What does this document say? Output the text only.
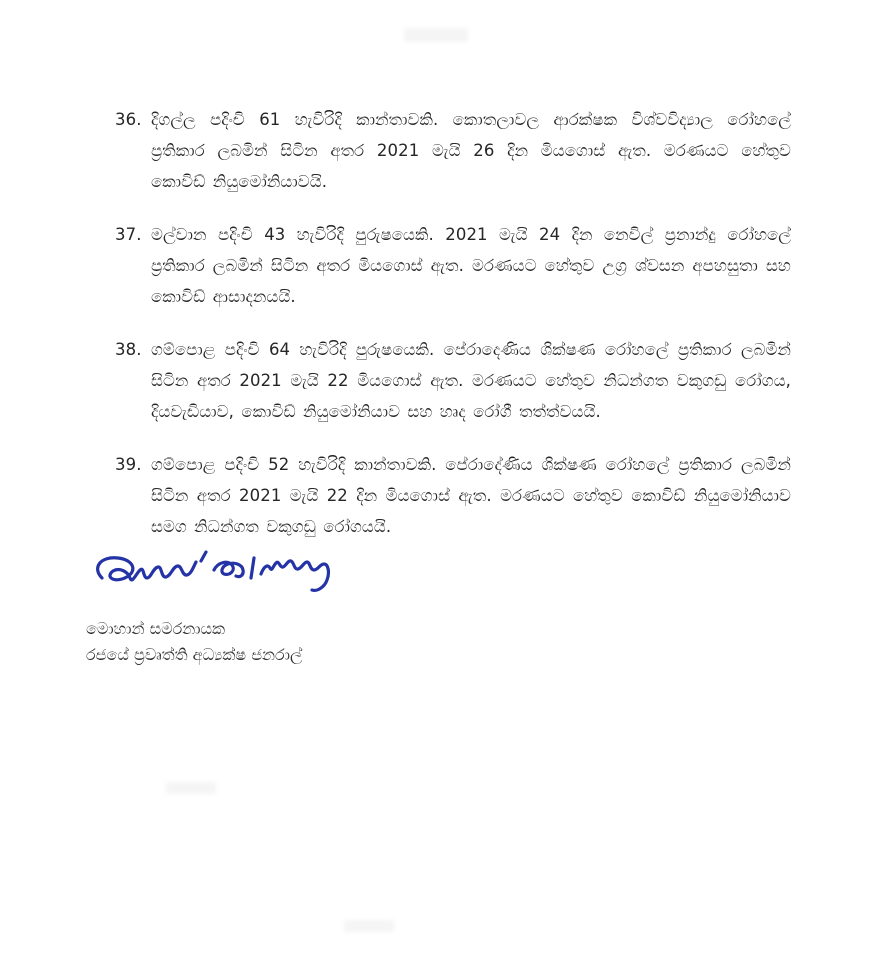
36. දිගල්ල පදිංචි 61 හැවිරිදි කාන්තාවකි. කොතලාවල ආරක්ෂක විශ්වවිද්‍යාල රෝහලේ ප්‍රතිකාර ලබමින් සිටින අතර 2021 මැයි 26 දින මියගොස් ඇත. මරණයට හේතුව කොවිඩ් නියුමෝනියාවයි.
37. මල්වාන පදිංචි 43 හැවිරිදි පුරුෂයෙකි. 2021 මැයි 24 දින නෙවිල් ප්‍රනාන්දු රෝහලේ ප්‍රතිකාර ලබමින් සිටින අතර මියගොස් ඇත. මරණයට හේතුව උග්‍ර ශ්වසන අපහසුතා සහ කොවිඩ් ආසාදනයයි.
38. ගම්පොළ පදිංචි 64 හැවිරිදි පුරුෂයෙකි. පේරාදෙණිය ශික්ෂණ රෝහලේ ප්‍රතිකාර ලබමින් සිටින අතර 2021 මැයි 22 මියගොස් ඇත. මරණයට හේතුව නිධන්ගත වකුගඩු රෝගය, දියවැඩියාව, කොවිඩ් නියුමෝනියාව සහ හෘද රෝගී තත්ත්වයයි.
39. ගම්පොළ පදිංචි 52 හැවිරිදි කාන්තාවකි. පේරාදේණිය ශික්ෂණ රෝහලේ ප්‍රතිකාර ලබමින් සිටින අතර 2021 මැයි 22 දින මියගොස් ඇත. මරණයට හේතුව කොවිඩ් නියුමෝනියාව සමග නිධන්ගත වකුගඩු රෝගයයි.
මොහාන් සමරනායක
රජයේ ප්‍රවෘත්ති අධ්‍යක්ෂ ජනරාල්
